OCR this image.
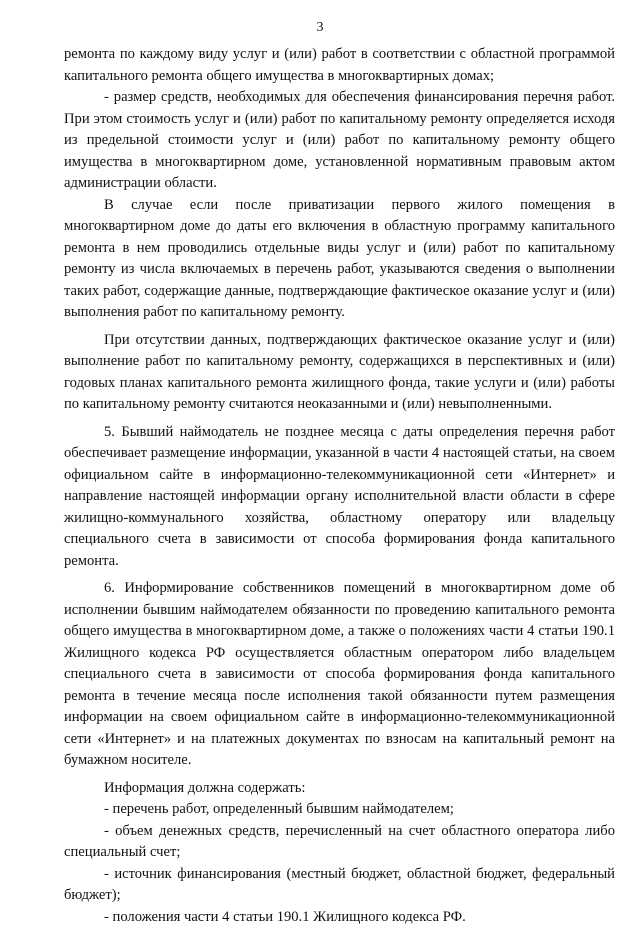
3

ремонта по каждому виду услуг и (или) работ в соответствии с областной программой капитального ремонта общего имущества в многоквартирных домах;

- размер средств, необходимых для обеспечения финансирования перечня работ. При этом стоимость услуг и (или) работ по капитальному ремонту определяется исходя из предельной стоимости услуг и (или) работ по капитальному ремонту общего имущества в многоквартирном доме, установленной нормативным правовым актом администрации области.

В случае если после приватизации первого жилого помещения в многоквартирном доме до даты его включения в областную программу капитального ремонта в нем проводились отдельные виды услуг и (или) работ по капитальному ремонту из числа включаемых в перечень работ, указываются сведения о выполнении таких работ, содержащие данные, подтверждающие фактическое оказание услуг и (или) выполнения работ по капитальному ремонту.

При отсутствии данных, подтверждающих фактическое оказание услуг и (или) выполнение работ по капитальному ремонту, содержащихся в перспективных и (или) годовых планах капитального ремонта жилищного фонда, такие услуги и (или) работы по капитальному ремонту считаются неоказанными и (или) невыполненными.

5. Бывший наймодатель не позднее месяца с даты определения перечня работ обеспечивает размещение информации, указанной в части 4 настоящей статьи, на своем официальном сайте в информационно-телекоммуникационной сети «Интернет» и направление настоящей информации органу исполнительной власти области в сфере жилищно-коммунального хозяйства, областному оператору или владельцу специального счета в зависимости от способа формирования фонда капитального ремонта.

6. Информирование собственников помещений в многоквартирном доме об исполнении бывшим наймодателем обязанности по проведению капитального ремонта общего имущества в многоквартирном доме, а также о положениях части 4 статьи 190.1 Жилищного кодекса РФ осуществляется областным оператором либо владельцем специального счета в зависимости от способа формирования фонда капитального ремонта в течение месяца после исполнения такой обязанности путем размещения информации на своем официальном сайте в информационно-телекоммуникационной сети «Интернет» и на платежных документах по взносам на капитальный ремонт на бумажном носителе.

Информация должна содержать:

- перечень работ, определенный бывшим наймодателем;

- объем денежных средств, перечисленный на счет областного оператора либо специальный счет;

- источник финансирования (местный бюджет, областной бюджет, федеральный бюджет);

- положения части 4 статьи 190.1 Жилищного кодекса РФ.
